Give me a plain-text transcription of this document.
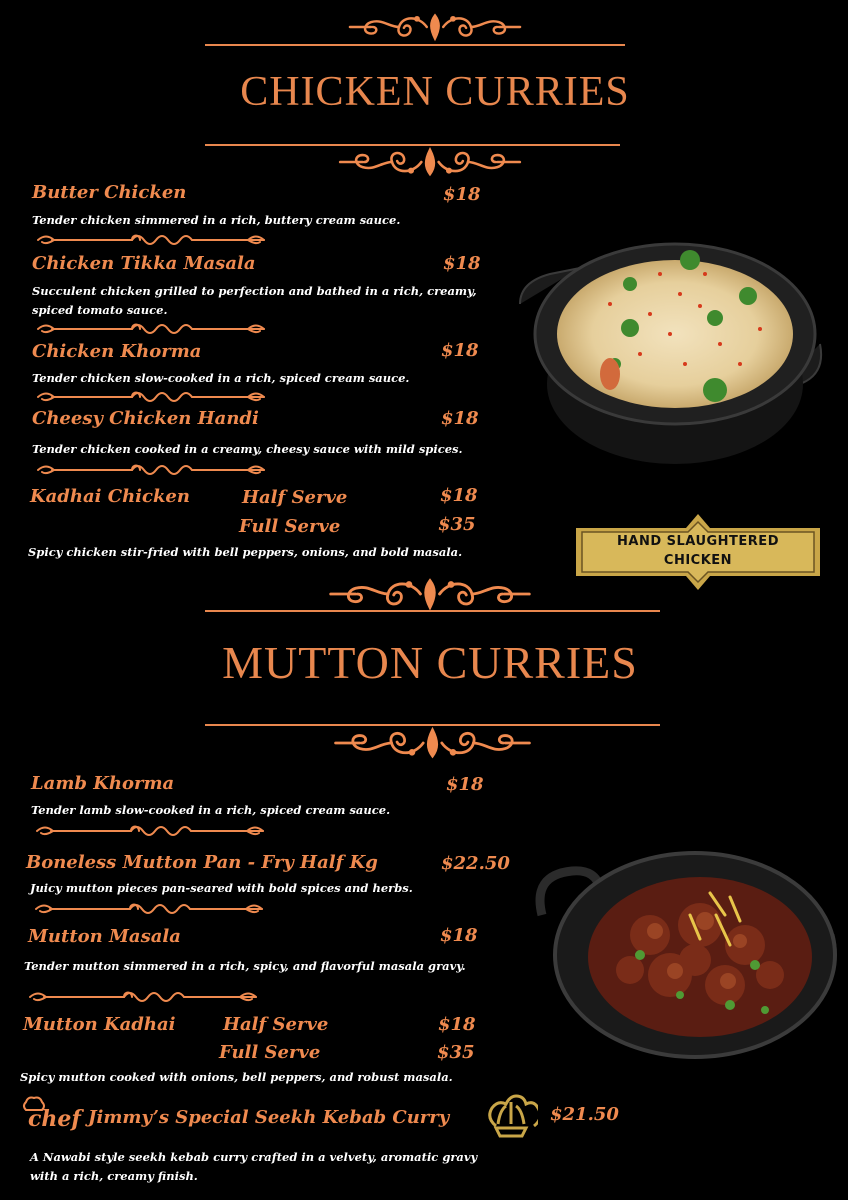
CHICKEN CURRIES
Butter Chicken	$18
Tender chicken simmered in a rich, buttery cream sauce.
Chicken Tikka Masala	$18
Succulent chicken grilled to perfection and bathed in a rich, creamy, spiced tomato sauce.
Chicken Khorma	$18
Tender chicken slow-cooked in a rich, spiced cream sauce.
Cheesy Chicken Handi	$18
Tender chicken cooked in a creamy, cheesy sauce with mild spices.
Kadhai Chicken	Half Serve	$18
Full Serve	$35
Spicy chicken stir-fried with bell peppers, onions, and bold masala.
HAND SLAUGHTERED
CHICKEN
MUTTON CURRIES
Lamb Khorma	$18
Tender lamb slow-cooked in a rich, spiced cream sauce.
Boneless Mutton Pan - Fry Half Kg	$22.50
Juicy mutton pieces pan-seared with bold spices and herbs.
Mutton Masala	$18
Tender mutton simmered in a rich, spicy, and flavorful masala gravy.
Mutton Kadhai	Half Serve	$18
Full Serve	$35
Spicy mutton cooked with onions, bell peppers, and robust masala.
chef Jimmy’s Special Seekh Kebab Curry	$21.50
A Nawabi style seekh kebab curry crafted in a velvety, aromatic gravy with a rich, creamy finish.
